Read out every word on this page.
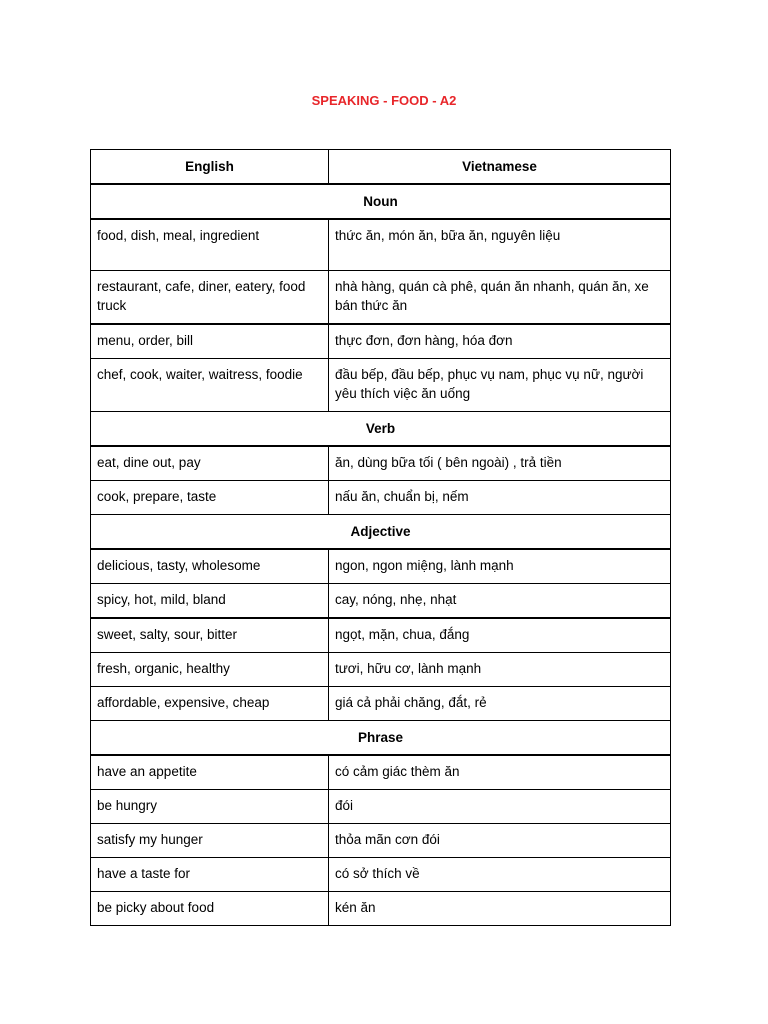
SPEAKING - FOOD - A2
English	Vietnamese
Noun	
food, dish, meal, ingredient	thức ăn, món ăn, bữa ăn, nguyên liệu
restaurant, cafe, diner, eatery, food truck	nhà hàng, quán cà phê, quán ăn nhanh, quán ăn, xe bán thức ăn
menu, order, bill	thực đơn, đơn hàng, hóa đơn
chef, cook, waiter, waitress, foodie	đầu bếp, đầu bếp, phục vụ nam, phục vụ nữ, người yêu thích việc ăn uống
Verb	
eat, dine out, pay	ăn, dùng bữa tối ( bên ngoài) , trả tiền
cook, prepare, taste	nấu ăn, chuẩn bị, nếm
Adjective	
delicious, tasty, wholesome	ngon, ngon miệng, lành mạnh
spicy, hot, mild, bland	cay, nóng, nhẹ, nhạt
sweet, salty, sour, bitter	ngọt, mặn, chua, đắng
fresh, organic, healthy	tươi, hữu cơ, lành mạnh
affordable, expensive, cheap	giá cả phải chăng, đắt, rẻ
Phrase	
have an appetite	có cảm giác thèm ăn
be hungry	đói
satisfy my hunger	thỏa mãn cơn đói
have a taste for	có sở thích về
be picky about food	kén ăn
